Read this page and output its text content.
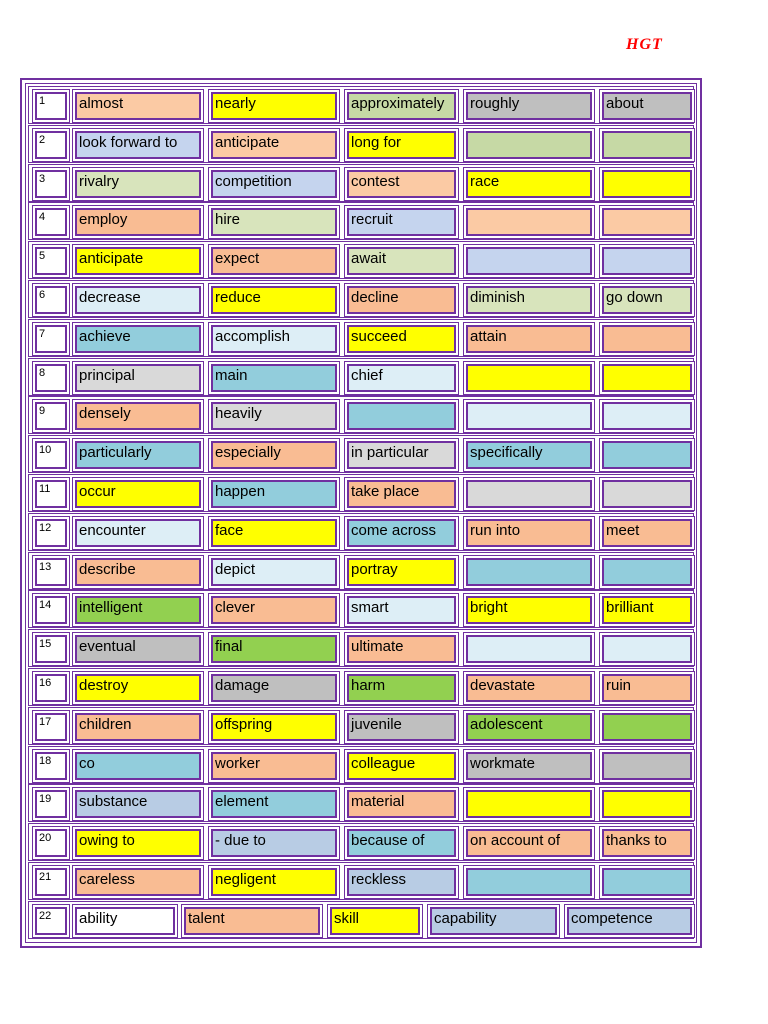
HGT
1	almost	nearly	approximately	roughly	about
2	look forward to	anticipate	long for
3	rivalry	competition	contest	race
4	employ	hire	recruit
5	anticipate	expect	await
6	decrease	reduce	decline	diminish	go down
7	achieve	accomplish	succeed	attain
8	principal	main	chief
9	densely	heavily
10	particularly	especially	in particular	specifically
11	occur	happen	take place
12	encounter	face	come across	run into	meet
13	describe	depict	portray
14	intelligent	clever	smart	bright	brilliant
15	eventual	final	ultimate
16	destroy	damage	harm	devastate	ruin
17	children	offspring	juvenile	adolescent
18	co	worker	colleague	workmate
19	substance	element	material
20	owing to	- due to	because of	on account of	thanks to
21	careless	negligent	reckless
22	ability	talent	skill	capability	competence
